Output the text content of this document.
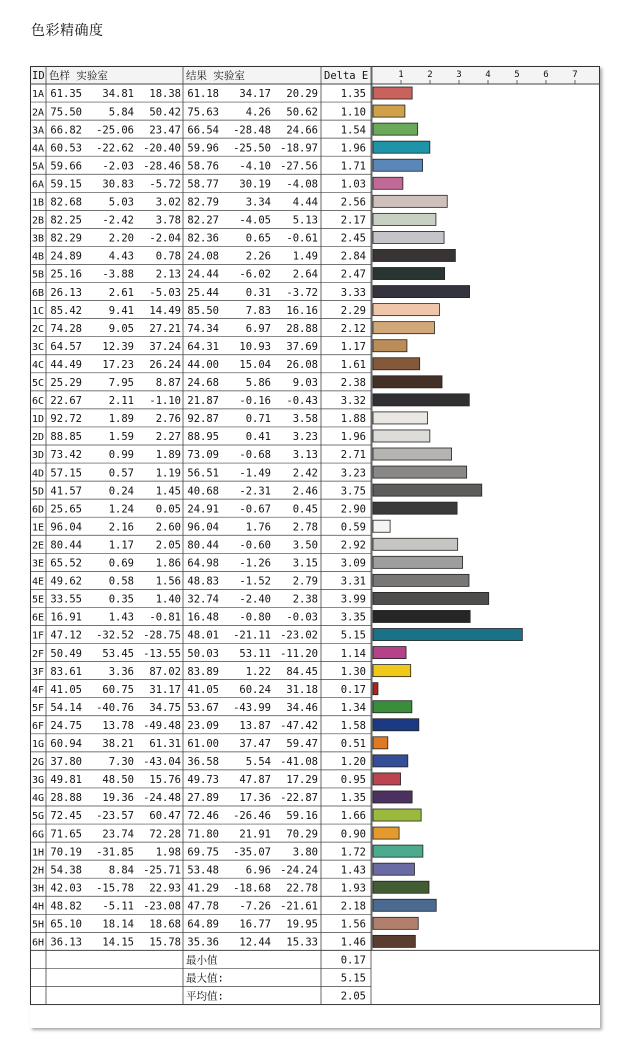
色彩精确度
ID 色样 实验室	结果 实验室	Delta E	1	2	3	4	5	6	7
1A 61.35 34.81 18.38 61.18 34.17 20.29 1.35
2A 75.50	5.84 50.42 75.63	4.26 50.62 1.10
3A 66.82 -25.06 23.47 66.54 -28.48 24.66 1.54
4A 60.53 -22.62 -20.40 59.96 -25.50 -18.97 1.96
5A 59.66 -2.03 -28.46 58.76 -4.10 -27.56 1.71
6A 59.15 30.83 -5.72 58.77 30.19 -4.08 1.03
1B 82.68	5.03 3.02 82.79	3.34 4.44 2.56
2B 82.25 -2.42 3.78 82.27 -4.05 5.13 2.17
3B 82.29	2.20 -2.04 82.36	0.65 -0.61 2.45
4B 24.89	4.43 0.78 24.08	2.26 1.49 2.84
5B 25.16 -3.88 2.13 24.44 -6.02 2.64 2.47
6B 26.13	2.61 -5.03 25.44	0.31 -3.72 3.33
1C 85.42	9.41 14.49 85.50	7.83 16.16 2.29
2C 74.28	9.05 27.21 74.34	6.97 28.88 2.12
3C 64.57 12.39 37.24 64.31 10.93 37.69 1.17
4C 44.49 17.23 26.24 44.00 15.04 26.08 1.61
5C 25.29	7.95 8.87 24.68	5.86 9.03 2.38
6C 22.67	2.11 -1.10 21.87 -0.16 -0.43 3.32
1D 92.72	1.89 2.76 92.87	0.71 3.58 1.88
2D 88.85	1.59 2.27 88.95	0.41 3.23 1.96
3D 73.42	0.99 1.89 73.09 -0.68 3.13 2.71
4D 57.15	0.57 1.19 56.51 -1.49 2.42 3.23
5D 41.57	0.24 1.45 40.68 -2.31 2.46 3.75
6D 25.65	1.24 0.05 24.91 -0.67 0.45 2.90
1E 96.04	2.16 2.60 96.04	1.76 2.78 0.59
2E 80.44	1.17 2.05 80.44 -0.60 3.50 2.92
3E 65.52	0.69 1.86 64.98 -1.26 3.15 3.09
4E 49.62	0.58 1.56 48.83 -1.52 2.79 3.31
5E 33.55	0.35 1.40 32.74 -2.40 2.38 3.99
6E 16.91	1.43 -0.81 16.48 -0.80 -0.03 3.35
1F 47.12 -32.52 -28.75 48.01 -21.11 -23.02 5.15
2F 50.49 53.45 -13.55 50.03 53.11 -11.20 1.14
3F 83.61	3.36 87.02 83.89	1.22 84.45 1.30
4F 41.05 60.75 31.17 41.05 60.24 31.18 0.17
5F 54.14 -40.76 34.75 53.67 -43.99 34.46 1.34
6F 24.75 13.78 -49.48 23.09 13.87 -47.42 1.58
1G 60.94 38.21 61.31 61.00 37.47 59.47 0.51
2G 37.80	7.30 -43.04 36.58	5.54 -41.08 1.20
3G 49.81 48.50 15.76 49.73 47.87 17.29 0.95
4G 28.88 19.36 -24.48 27.89 17.36 -22.87 1.35
5G 72.45 -23.57 60.47 72.46 -26.46 59.16 1.66
6G 71.65 23.74 72.28 71.80 21.91 70.29 0.90
1H 70.19 -31.85 1.98 69.75 -35.07 3.80 1.72
2H 54.38	8.84 -25.71 53.48	6.96 -24.24 1.43
3H 42.03 -15.78 22.93 41.29 -18.68 22.78 1.93
4H 48.82 -5.11 -23.08 47.78 -7.26 -21.61 2.18
5H 65.10 18.14 18.68 64.89 16.77 19.95 1.56
6H 36.13 14.15 15.78 35.36 12.44 15.33 1.46
最小值	0.17
最大值:	5.15
平均值:	2.05
